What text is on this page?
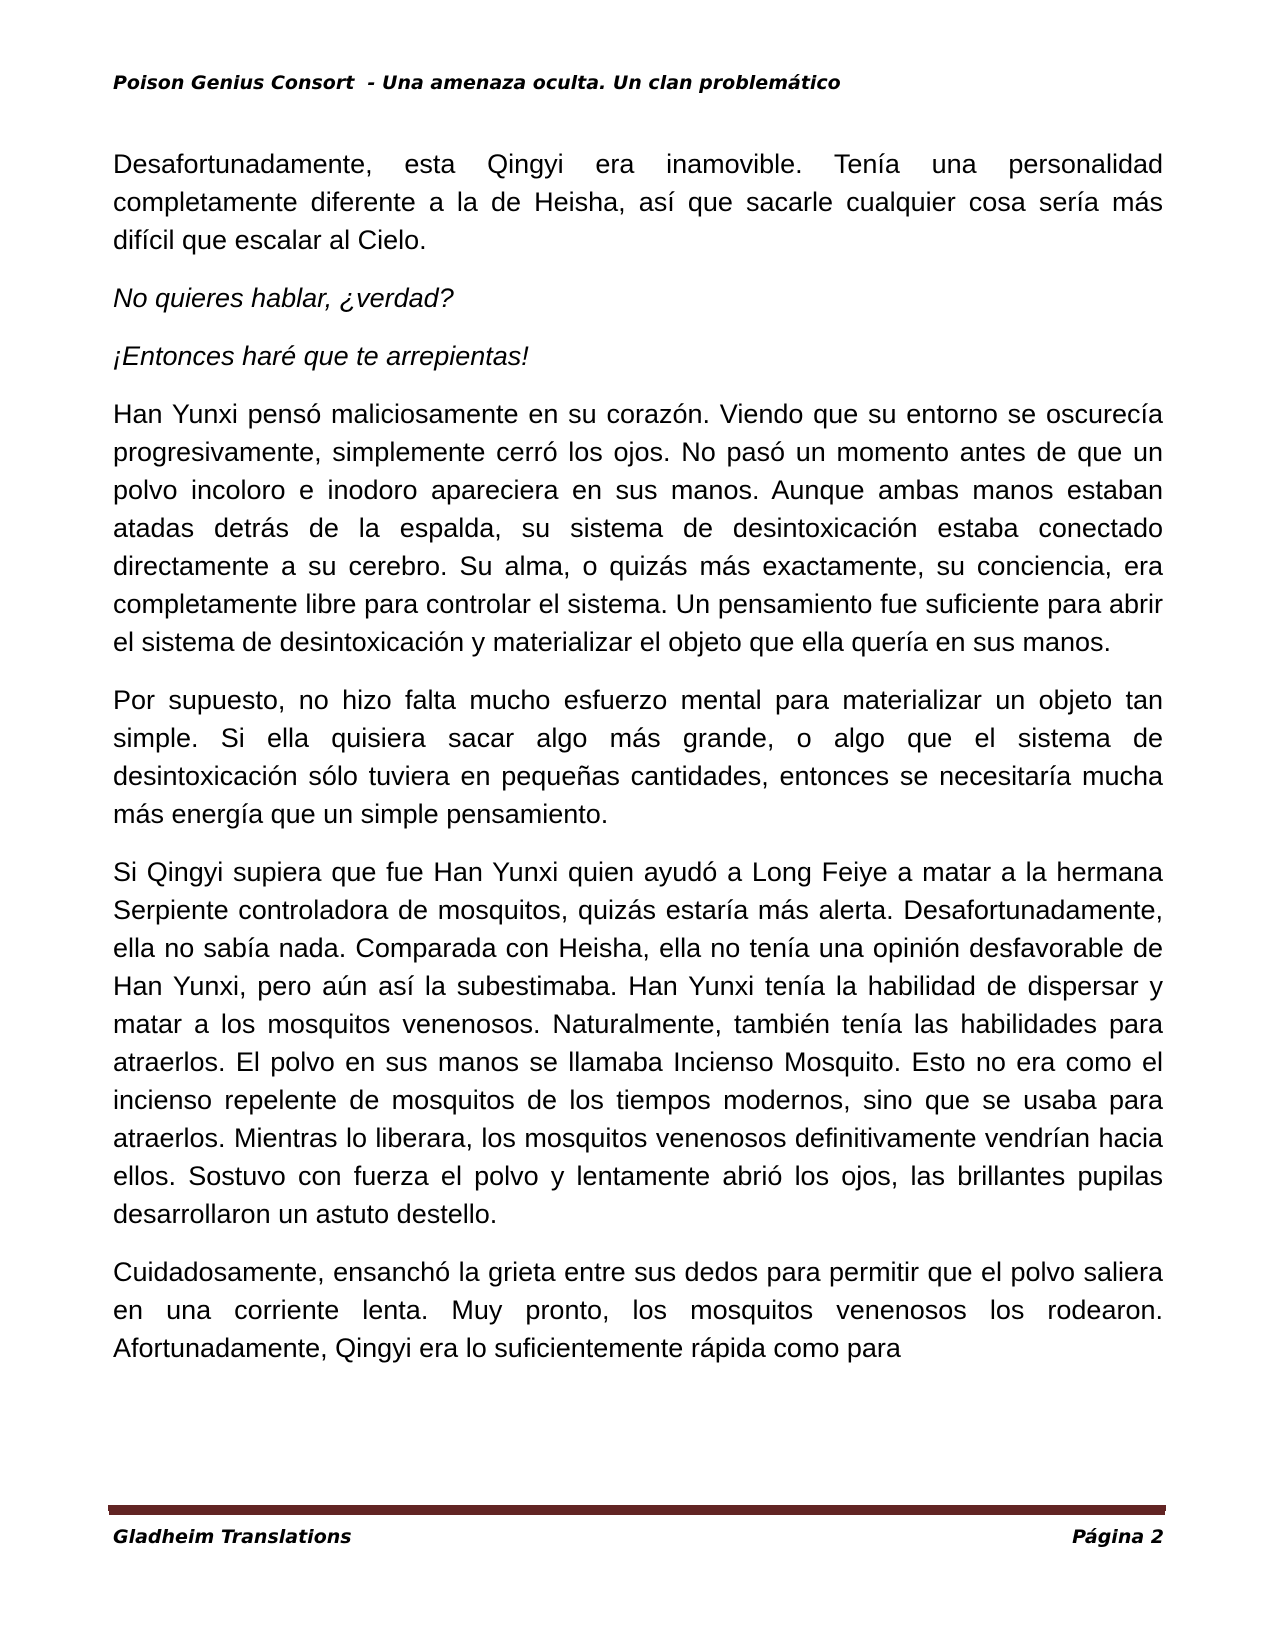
Poison Genius Consort  - Una amenaza oculta. Un clan problemático

Desafortunadamente, esta Qingyi era inamovible. Tenía una personalidad completamente diferente a la de Heisha, así que sacarle cualquier cosa sería más difícil que escalar al Cielo.

No quieres hablar, ¿verdad?

¡Entonces haré que te arrepientas!

Han Yunxi pensó maliciosamente en su corazón. Viendo que su entorno se oscurecía progresivamente, simplemente cerró los ojos. No pasó un momento antes de que un polvo incoloro e inodoro apareciera en sus manos. Aunque ambas manos estaban atadas detrás de la espalda, su sistema de desintoxicación estaba conectado directamente a su cerebro. Su alma, o quizás más exactamente, su conciencia, era completamente libre para controlar el sistema. Un pensamiento fue suficiente para abrir el sistema de desintoxicación y materializar el objeto que ella quería en sus manos.

Por supuesto, no hizo falta mucho esfuerzo mental para materializar un objeto tan simple. Si ella quisiera sacar algo más grande, o algo que el sistema de desintoxicación sólo tuviera en pequeñas cantidades, entonces se necesitaría mucha más energía que un simple pensamiento.

Si Qingyi supiera que fue Han Yunxi quien ayudó a Long Feiye a matar a la hermana Serpiente controladora de mosquitos, quizás estaría más alerta. Desafortunadamente, ella no sabía nada. Comparada con Heisha, ella no tenía una opinión desfavorable de Han Yunxi, pero aún así la subestimaba. Han Yunxi tenía la habilidad de dispersar y matar a los mosquitos venenosos. Naturalmente, también tenía las habilidades para atraerlos. El polvo en sus manos se llamaba Incienso Mosquito. Esto no era como el incienso repelente de mosquitos de los tiempos modernos, sino que se usaba para atraerlos. Mientras lo liberara, los mosquitos venenosos definitivamente vendrían hacia ellos. Sostuvo con fuerza el polvo y lentamente abrió los ojos, las brillantes pupilas desarrollaron un astuto destello.

Cuidadosamente, ensanchó la grieta entre sus dedos para permitir que el polvo saliera en una corriente lenta. Muy pronto, los mosquitos venenosos los rodearon. Afortunadamente, Qingyi era lo suficientemente rápida como para

Gladheim Translations	Página 2
